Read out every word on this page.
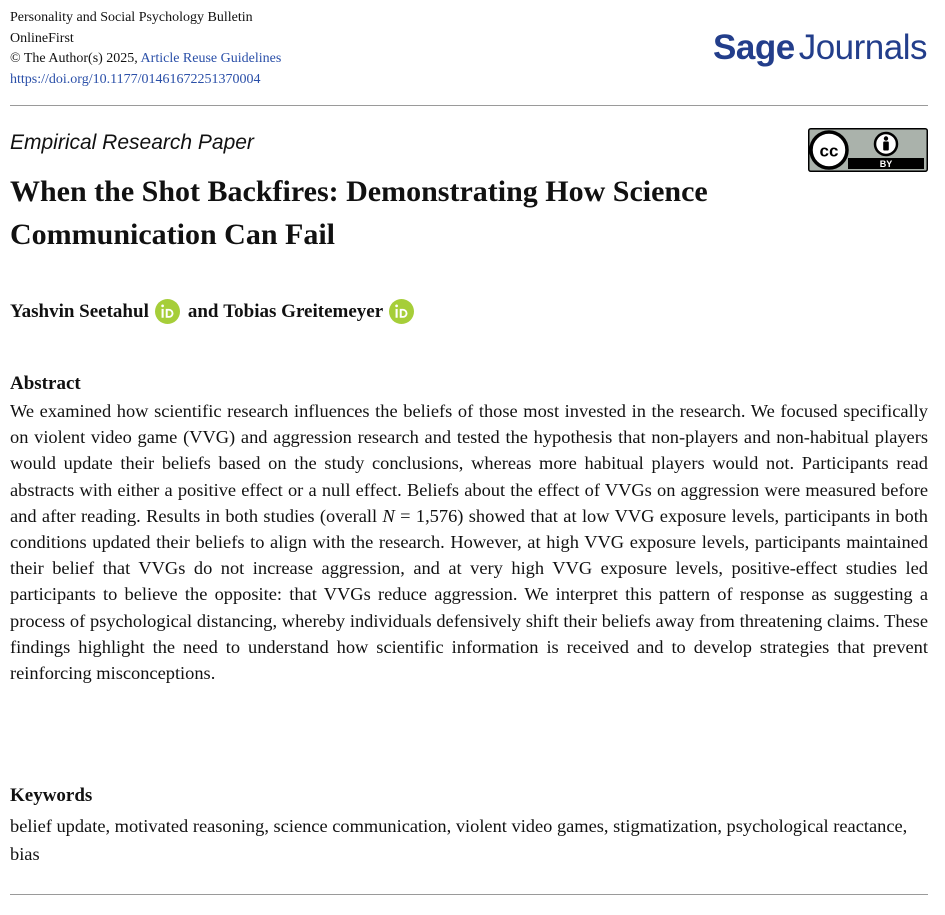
Personality and Social Psychology Bulletin
OnlineFirst
© The Author(s) 2025, Article Reuse Guidelines
https://doi.org/10.1177/01461672251370004
Sage Journals
Empirical Research Paper	cc
BY
When the Shot Backfires: Demonstrating How Science Communication Can Fail
Yashvin Seetahul and
Tobias Greitemeyer
Abstract

We examined how scientific research influences the beliefs of those most invested in the research. We focused specifically on violent video game (VVG) and aggression research and tested the hypothesis that non-players and non-habitual players would update their beliefs based on the study conclusions, whereas more habitual players would not. Participants read abstracts with either a positive effect or a null effect. Beliefs about the effect of VVGs on aggression were measured before and after reading. Results in both studies (overall N = 1,576) showed that at low VVG exposure levels, participants in both conditions updated their beliefs to align with the research. However, at high VVG exposure levels, participants maintained their belief that VVGs do not increase aggression, and at very high VVG exposure levels, positive-effect studies led participants to believe the opposite: that VVGs reduce aggression. We interpret this pattern of response as suggesting a process of psychological distancing, whereby individuals defensively shift their beliefs away from threatening claims. These findings highlight the need to understand how scientific information is received and to develop strategies that prevent reinforcing misconceptions.

Keywords

belief update, motivated reasoning, science communication, violent video games, stigmatization, psychological reactance, bias
